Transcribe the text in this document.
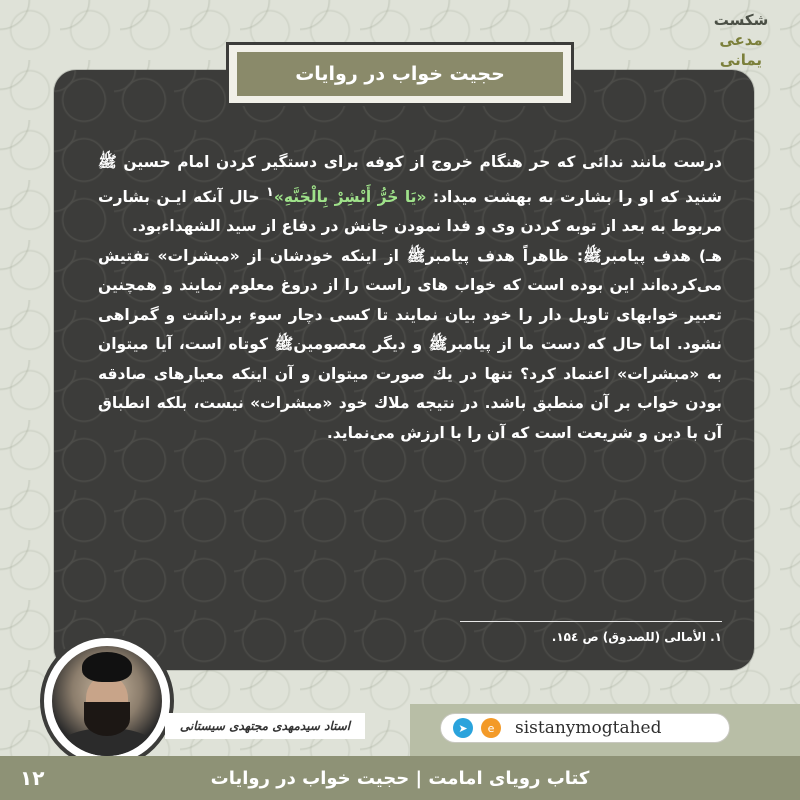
شکست
مدعی
یمانی
حجیت خواب در روایات

درست مانند ندائی که حر هنگام خروج از کوفه برای دستگیر کردن امام حسین ﷺ شنید که او را بشارت به بهشت میداد: «یَا حُرُّ أَبْشِرْ بِالْجَنَّهِ»$^۱$ حال آنکه ایـن بشارت مربوط به بعد از توبه کردن وی و فدا نمودن جانش در دفاع از سید الشهداءبود.

هـ) هدف پیامبرﷺ: ظاهراً هدف پیامبرﷺ از اینکه خودشان از «مبشرات» تفتیش می‌کرده‌اند این بوده است که خواب های راست را از دروغ معلوم نمایند و همچنین تعبیر خوابهای تاویل دار را خود بیان نمایند تا کسی دچار سوء برداشت و گمراهی نشود. اما حال که دست ما از پیامبرﷺ و دیگر معصومینﷺ کوتاه است، آیا میتوان به «مبشرات» اعتماد کرد؟ تنها در یك صورت میتوان و آن اینکه معیارهای صادقه بودن خواب بر آن منطبق باشد. در نتیجه ملاك خود «مبشرات» نیست، بلکه انطباق آن با دین و شریعت است که آن را با ارزش می‌نماید.

۱. الأمالی (للصدوق) ص ۱۵٤.
استاد سیدمهدی مجتهدی سیستانی	➤	e	sistanymogtahed
کتاب رویای امامت | حجیت خواب در روایات
۱۲
